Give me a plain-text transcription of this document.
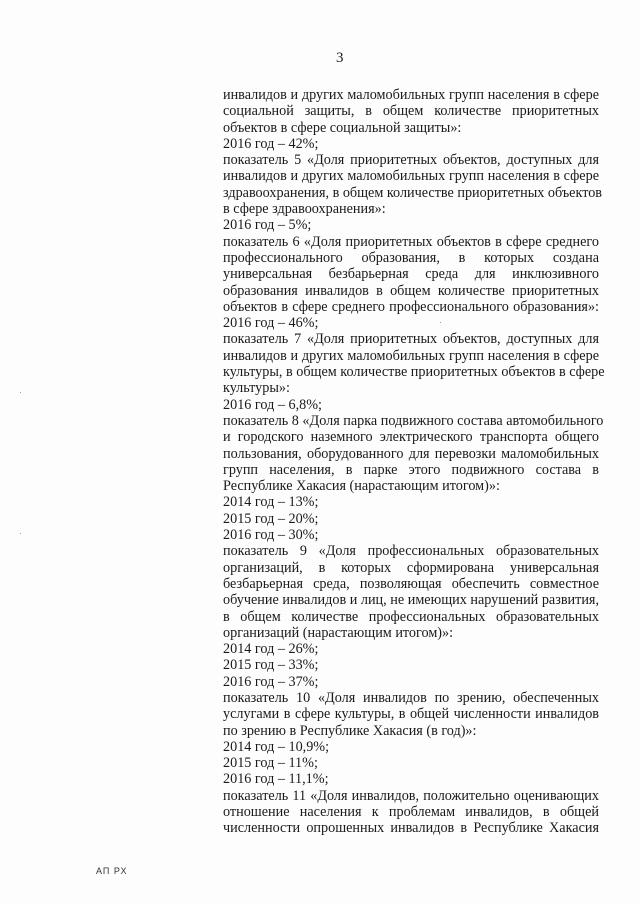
3
инвалидов и других маломобильных групп населения в сфере
социальной защиты, в общем количестве приоритетных
объектов в сфере социальной защиты»:
2016 год – 42%;
показатель 5 «Доля приоритетных объектов, доступных для
инвалидов и других маломобильных групп населения в сфере
здравоохранения, в общем количестве приоритетных объектов
в сфере здравоохранения»:
2016 год – 5%;
показатель 6 «Доля приоритетных объектов в сфере среднего
профессионального образования, в которых создана
универсальная безбарьерная среда для инклюзивного
образования инвалидов в общем количестве приоритетных
объектов в сфере среднего профессионального образования»:
2016 год – 46%;
показатель 7 «Доля приоритетных объектов, доступных для
инвалидов и других маломобильных групп населения в сфере
культуры, в общем количестве приоритетных объектов в сфере
культуры»:
2016 год – 6,8%;
показатель 8 «Доля парка подвижного состава автомобильного
и городского наземного электрического транспорта общего
пользования, оборудованного для перевозки маломобильных
групп населения, в парке этого подвижного состава в
Республике Хакасия (нарастающим итогом)»:
2014 год – 13%;
2015 год – 20%;
2016 год – 30%;
показатель 9 «Доля профессиональных образовательных
организаций, в которых сформирована универсальная
безбарьерная среда, позволяющая обеспечить совместное
обучение инвалидов и лиц, не имеющих нарушений развития,
в общем количестве профессиональных образовательных
организаций (нарастающим итогом)»:
2014 год – 26%;
2015 год – 33%;
2016 год – 37%;
показатель 10 «Доля инвалидов по зрению, обеспеченных
услугами в сфере культуры, в общей численности инвалидов
по зрению в Республике Хакасия (в год)»:
2014 год – 10,9%;
2015 год – 11%;
2016 год – 11,1%;
показатель 11 «Доля инвалидов, положительно оценивающих
отношение населения к проблемам инвалидов, в общей
численности опрошенных инвалидов в Республике Хакасия
АП РХ
